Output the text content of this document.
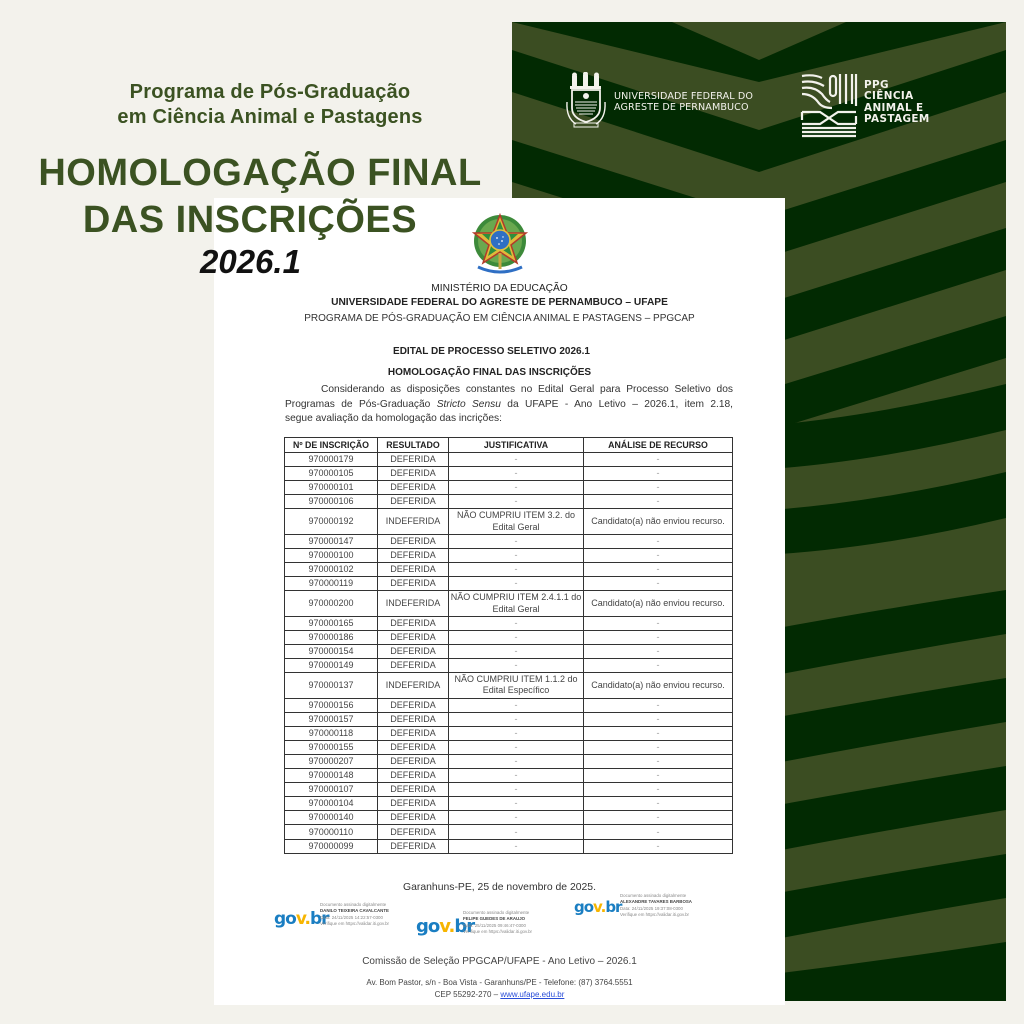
UNIVERSIDADE FEDERAL DO
AGRESTE DE PERNAMBUCO
PPG
CIÊNCIA
ANIMAL E
PASTAGEM
Programa de Pós-Graduação
em Ciência Animal e Pastagens
HOMOLOGAÇÃO FINAL
DAS INSCRIÇÕES
2026.1
MINISTÉRIO DA EDUCAÇÃO
UNIVERSIDADE FEDERAL DO AGRESTE DE PERNAMBUCO – UFAPE
PROGRAMA DE PÓS-GRADUAÇÃO EM CIÊNCIA ANIMAL E PASTAGENS – PPGCAP
EDITAL DE PROCESSO SELETIVO 2026.1
HOMOLOGAÇÃO FINAL DAS INSCRIÇÕES
Considerando as disposições constantes no Edital Geral para Processo Seletivo dos
Programas de Pós-Graduação Stricto Sensu da UFAPE - Ano Letivo – 2026.1, item 2.18,
segue avaliação da homologação das incrições:
Nº DE INSCRIÇÃO	RESULTADO	JUSTIFICATIVA	ANÁLISE DE RECURSO
970000179	DEFERIDA	-	-
970000105	DEFERIDA	-	-
970000101	DEFERIDA	-	-
970000106	DEFERIDA	-	-
970000192	INDEFERIDA	NÃO CUMPRIU ITEM 3.2. do Edital Geral	Candidato(a) não enviou recurso.
970000147	DEFERIDA	-	-
970000100	DEFERIDA	-	-
970000102	DEFERIDA	-	-
970000119	DEFERIDA	-	-
970000200	INDEFERIDA	NÃO CUMPRIU ITEM 2.4.1.1 do Edital Geral	Candidato(a) não enviou recurso.
970000165	DEFERIDA	-	-
970000186	DEFERIDA	-	-
970000154	DEFERIDA	-	-
970000149	DEFERIDA	-	-
970000137	INDEFERIDA	NÃO CUMPRIU ITEM 1.1.2 do Edital Específico	Candidato(a) não enviou recurso.
970000156	DEFERIDA	-	-
970000157	DEFERIDA	-	-
970000118	DEFERIDA	-	-
970000155	DEFERIDA	-	-
970000207	DEFERIDA	-	-
970000148	DEFERIDA	-	-
970000107	DEFERIDA	-	-
970000104	DEFERIDA	-	-
970000140	DEFERIDA	-	-
970000110	DEFERIDA	-	-
970000099	DEFERIDA	-	-
Garanhuns-PE, 25 de novembro de 2025.
gov.br
Documento assinado digitalmente
DANILO TEIXEIRA CAVALCANTE
Data: 24/11/2025 14:22:57-0300
Verifique em https://validar.iti.gov.br gov.br
Documento assinado digitalmente
FELIPE GUEDES DE ARAUJO
Data: 25/11/2025 09:46:47-0300
Verifique em https://validar.iti.gov.br
gov.br
Documento assinado digitalmente
ALEXANDRE TAVARES BARBOSA
Data: 24/11/2025 19:37:08-0300
Verifique em https://validar.iti.gov.br
Comissão de Seleção PPGCAP/UFAPE - Ano Letivo – 2026.1
Av. Bom Pastor, s/n - Boa Vista - Garanhuns/PE - Telefone: (87) 3764.5551
CEP 55292-270 – www.ufape.edu.br
